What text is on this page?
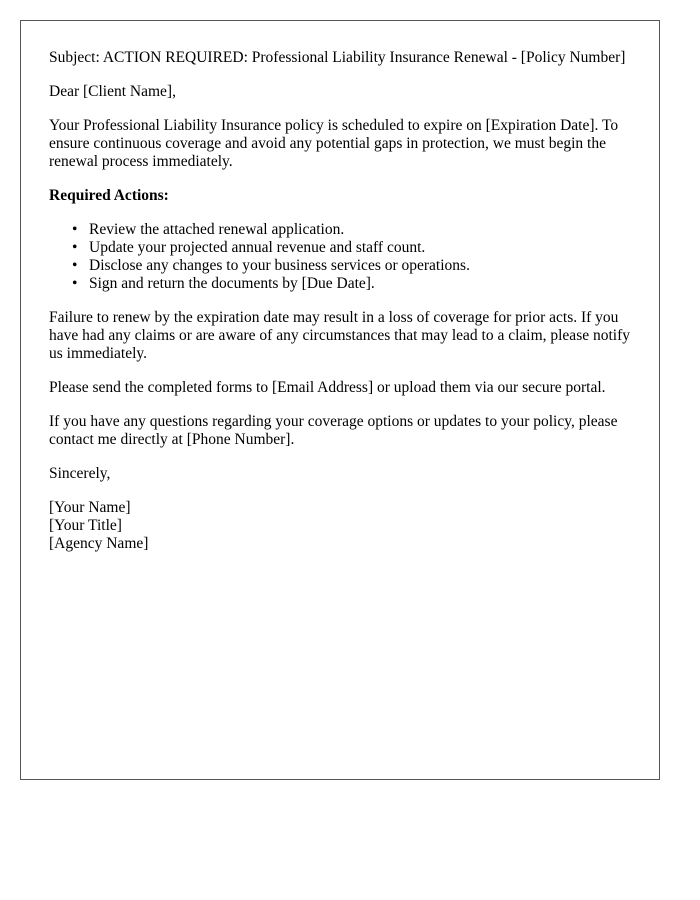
Subject: ACTION REQUIRED: Professional Liability Insurance Renewal - [Policy Number]

Dear [Client Name],

Your Professional Liability Insurance policy is scheduled to expire on [Expiration Date]. To ensure continuous coverage and avoid any potential gaps in protection, we must begin the renewal process immediately.

Required Actions:
• Review the attached renewal application.
• Update your projected annual revenue and staff count.
• Disclose any changes to your business services or operations.
• Sign and return the documents by [Due Date].

Failure to renew by the expiration date may result in a loss of coverage for prior acts. If you have had any claims or are aware of any circumstances that may lead to a claim, please notify us immediately.

Please send the completed forms to [Email Address] or upload them via our secure portal.

If you have any questions regarding your coverage options or updates to your policy, please contact me directly at [Phone Number].

Sincerely,

[Your Name]
[Your Title]
[Agency Name]
